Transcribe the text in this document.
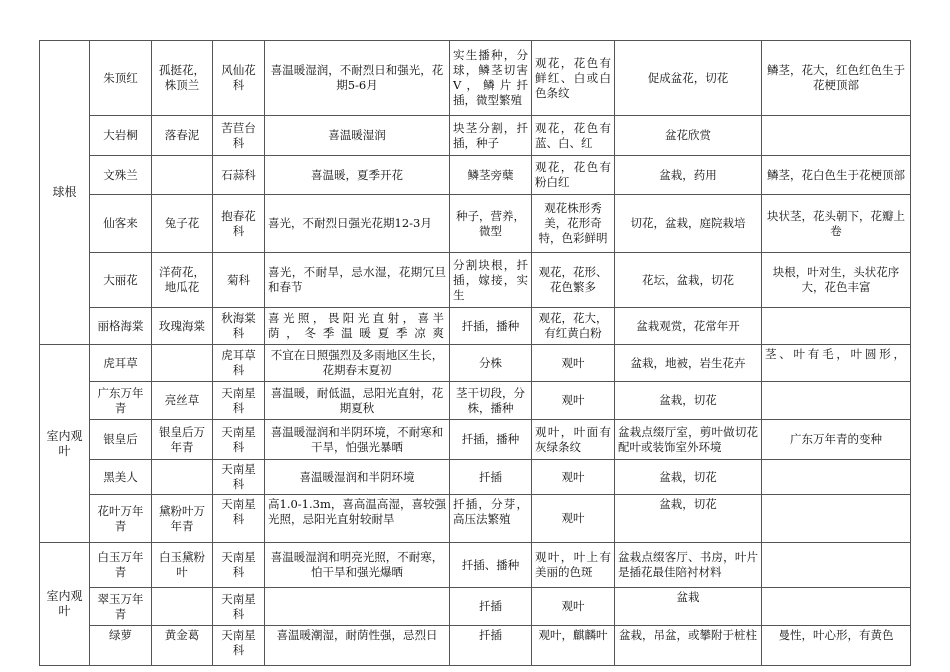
球根	朱顶红	孤挺花，株顶兰	风仙花科	喜温暖湿润，不耐烈日和强光，花期5-6月	实生播种，分球，鳞茎切害V，鳞片扦插，微型繁殖	观花，花色有鲜红、白或白色条纹	促成盆花，切花	鳞茎，花大，红色红色生于花梗顶部
	大岩桐	落春泥	苦苣台科	喜温暖湿润	块茎分割，扦插，种子	观花，花色有蓝、白、红	盆花欣赏	
	文殊兰		石蒜科	喜温暖，夏季开花	鳞茎旁蘖	观花，花色有粉白红	盆栽，药用	鳞茎，花白色生于花梗顶部
	仙客来	兔子花	抱春花科	喜光，不耐烈日强光花期12-3月	种子，营养，微型	观花株形秀美，花形奇特，色彩鲜明	切花，盆栽，庭院栽培	块状茎，花头朝下，花瓣上卷
	大丽花	洋荷花，地瓜花	菊科	喜光，不耐旱，忌水湿，花期冗旦和春节	分割块根，扦插，嫁接，实生	观花，花形、花色繁多	花坛，盆栽，切花	块根，叶对生，头状花序大，花色丰富
	丽格海棠	玫瑰海棠	秋海棠科	喜光照，畏阳光直射，喜半荫，冬季温暖夏季凉爽	扦插，播种	观花，花大，有红黄白粉	盆栽观赏，花常年开	
室内观叶	虎耳草		虎耳草科	不宜在日照强烈及多雨地区生长，花期春末夏初	分株	观叶	盆栽，地被，岩生花卉	茎、叶有毛，叶圆形，
	广东万年青	亮丝草	天南星科	喜温暖，耐低温，忌阳光直射，花期夏秋	茎干切段，分株，播种	观叶	盆栽，切花	
	银皇后	银皇后万年青	天南星科	喜温暖湿润和半阴环境，不耐寒和干旱，怕强光暴晒	扦插，播种	观叶，叶面有灰绿条纹	盆栽点缀厅室，剪叶做切花配叶或装饰室外环境	广东万年青的变种
	黑美人		天南星科	喜温暖湿润和半阴环境	扦插	观叶	盆栽，切花	
	花叶万年青	黛粉叶万年青	天南星科	高1.0-1.3m，喜高温高湿，喜较强光照，忌阳光直射较耐旱	扦插，分芽，高压法繁殖	观叶	盆栽，切花	
室内观叶	白玉万年青	白玉黛粉叶	天南星科	喜温暖湿润和明亮光照，不耐寒，怕干旱和强光爆晒	扦插、播种	观叶，叶上有美丽的色斑	盆栽点缀客厅、书房，叶片是插花最佳陪衬材料	
	翠玉万年青		天南星科		扦插	观叶	盆栽	
	绿萝	黄金葛	天南星科	喜温暖潮湿，耐荫性强，忌烈日	扦插	观叶，麒麟叶	盆栽，吊盆，或攀附于桩柱	曼性，叶心形，有黄色
